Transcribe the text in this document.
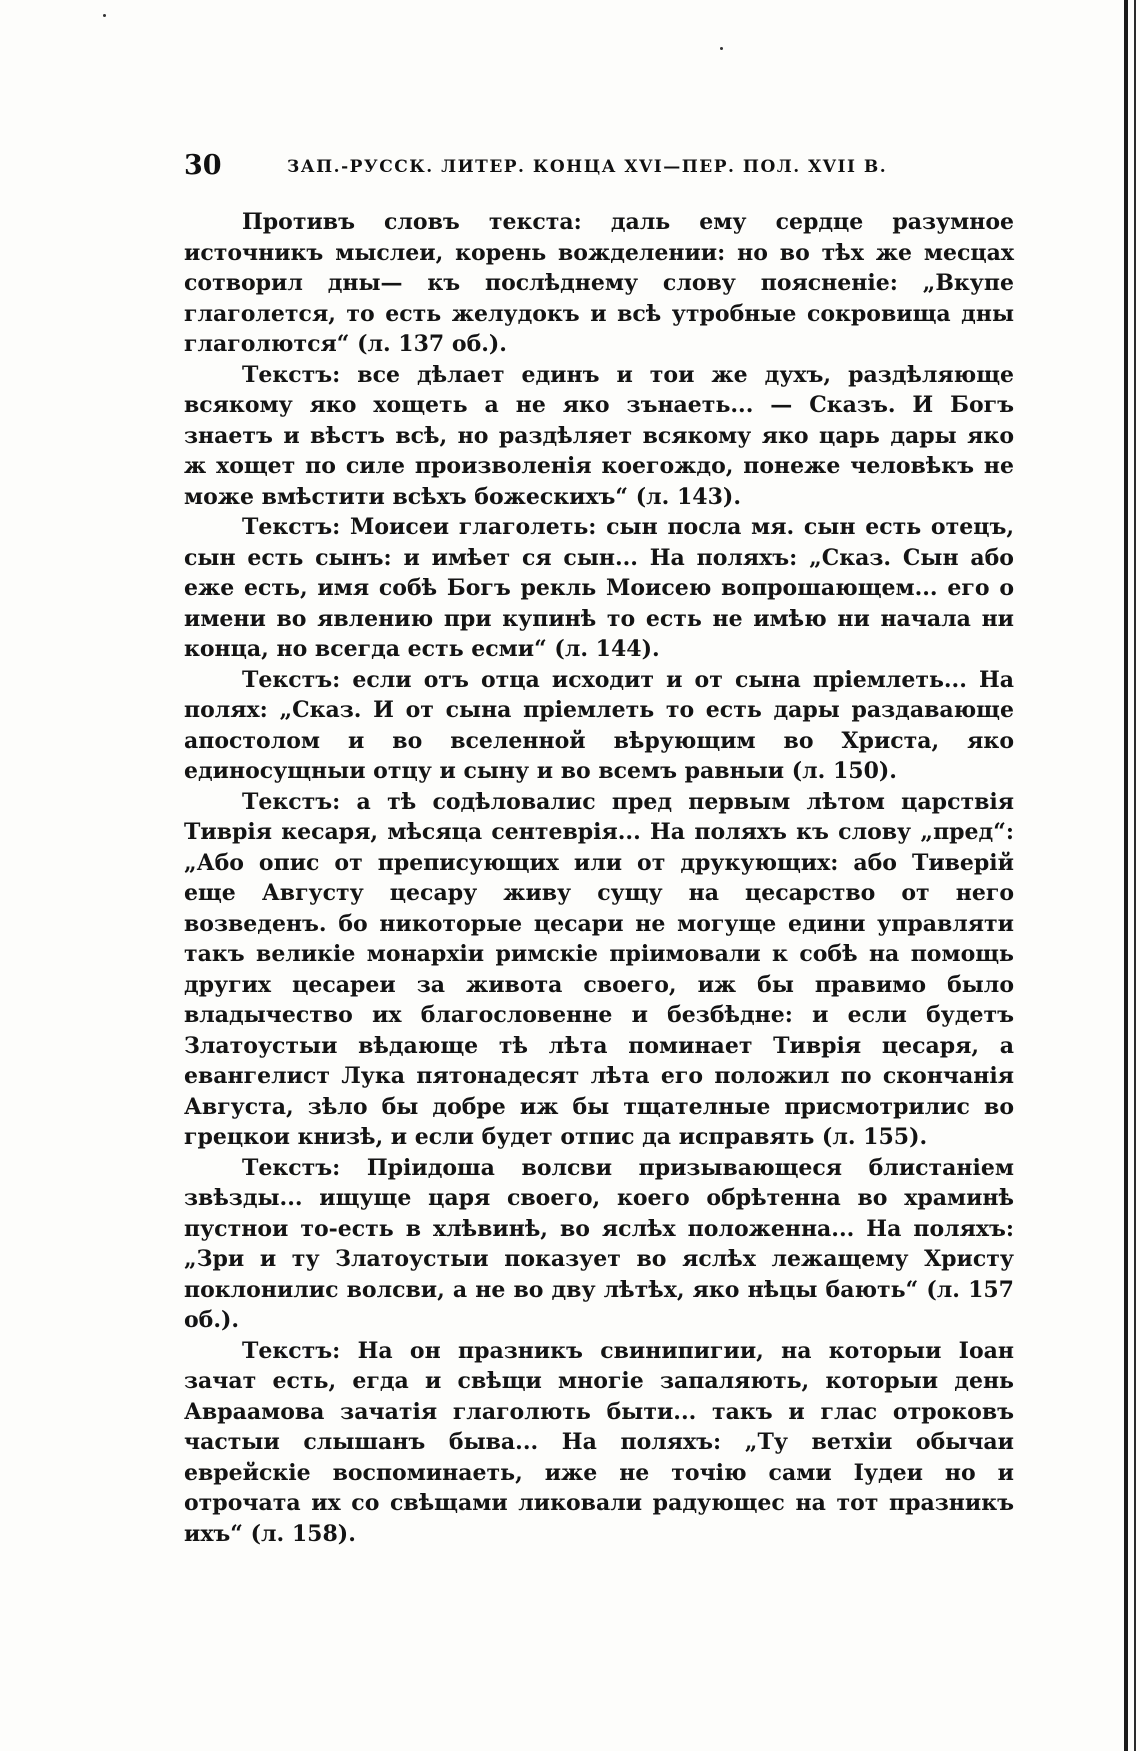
30	ЗАП.-РУССК. ЛИТЕР. КОНЦА XVI—ПЕР. ПОЛ. XVII В.

Противъ словъ текста: даль ему сердце разумное источникъ мыслеи, корень вожделении: но во тѣх же месцах сотворил дны— къ послѣднему слову поясненіе: „Вкупе глаголется, то есть желудокъ и всѣ утробные сокровища дны глаголются“ (л. 137 об.).

Текстъ: все дѣлает единъ и тои же духъ, раздѣляюще всякому яко хощеть а не яко зънаеть... — Сказъ. И Богъ знаетъ и вѣстъ всѣ, но раздѣляет всякому яко царь дары яко ж хощет по силе произволенія коегождо, понеже человѣкъ не може вмѣстити всѣхъ божескихъ“ (л. 143).

Текстъ: Моисеи глаголеть: сын посла мя. сын есть отецъ, сын есть сынъ: и имѣет ся сын... На поляхъ: „Сказ. Сын або еже есть, имя собѣ Богъ рекль Моисею вопрошающем... его о имени во явлению при купинѣ то есть не имѣю ни начала ни конца, но всегда есть есми“ (л. 144).

Текстъ: если отъ отца исходит и от сына пріемлеть... На полях: „Сказ. И от сына пріемлеть то есть дары раздавающе апостолом и во вселенной вѣрующим во Христа, яко единосущныи отцу и сыну и во всемъ равныи (л. 150).

Текстъ: а тѣ содѣловалис пред первым лѣтом царствія Тиврія кесаря, мѣсяца сентеврія... На поляхъ къ слову „пред“: „Або опис от преписующих или от друкующих: або Тиверій еще Августу цесару живу сущу на цесарство от него возведенъ. бо никоторые цесари не могуще едини управляти такъ великіе монархіи римскіе пріимовали к собѣ на помощь других цесареи за живота своего, иж бы правимо было владычество их благословенне и безбѣдне: и если будетъ Златоустыи вѣдающе тѣ лѣта поминает Тиврія цесаря, а евангелист Лука пятонадесят лѣта его положил по скончанія Августа, зѣло бы добре иж бы тщателные присмотрилис во грецкои книзѣ, и если будет отпис да исправять (л. 155).

Текстъ: Пріидоша волсви призывающеся блистаніем звѣзды... ищуще царя своего, коего обрѣтенна во храминѣ пустнои то-есть в хлѣвинѣ, во яслѣх положенна... На поляхъ: „Зри и ту Златоустыи показует во яслѣх лежащему Христу поклонилис волсви, а не во дву лѣтѣх, яко нѣцы бають“ (л. 157 об.).

Текстъ: На он празникъ свинипигии, на которыи Іоан зачат есть, егда и свѣщи многіе запаляють, которыи день Авраамова зачатія глаголють быти... такъ и глас отроковъ частыи слышанъ бывa... На поляхъ: „Ту ветхіи обычаи еврейскіе воспоминаеть, иже не точію сами Іудеи но и отрочата их со свѣщами ликовали радующес на тот празникъ ихъ“ (л. 158).
